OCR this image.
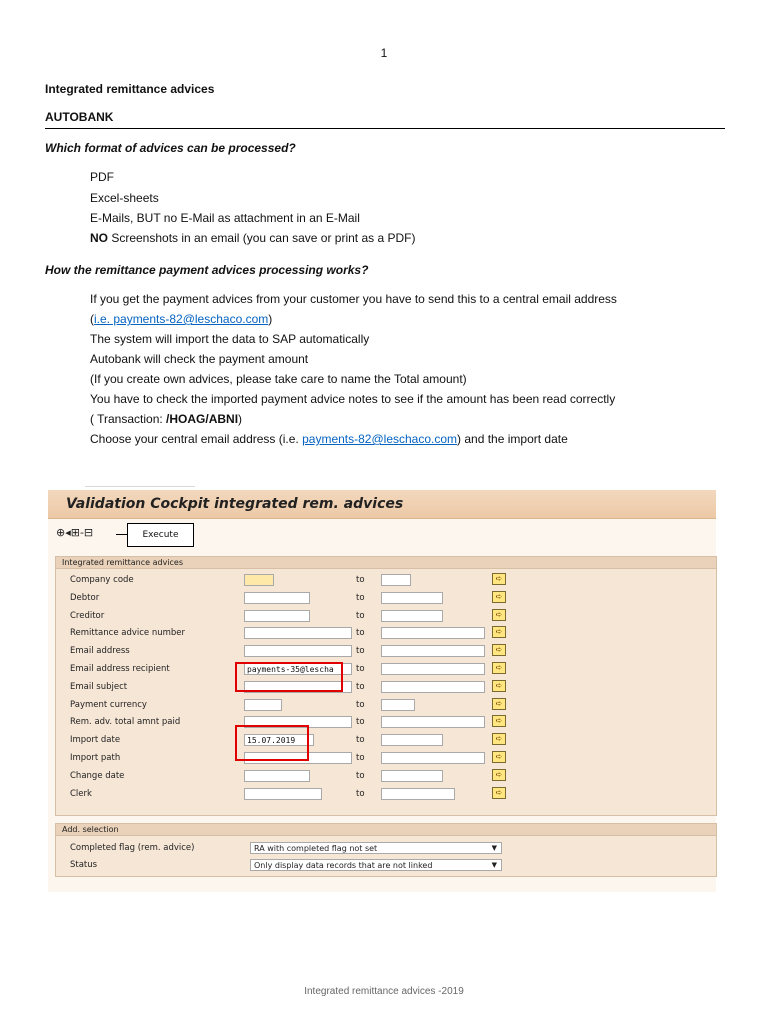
1
Integrated remittance advices
AUTOBANK
Which format of advices can be processed?
PDF
Excel-sheets
E-Mails, BUT no E-Mail as attachment in an E-Mail
NO Screenshots in an email (you can save or print as a PDF)
How the remittance payment advices processing works?
If you get the payment advices from your customer you have to send this to a central email address
(i.e. payments-82@leschaco.com)
The system will import the data to SAP automatically
Autobank will check the payment amount
(If you create own advices, please take care to name the Total amount)
You have to check the imported payment advice notes to see if the amount has been read correctly
( Transaction: /HOAG/ABNI)
Choose your central email address (i.e. payments-82@leschaco.com) and the import date
Validation Cockpit integrated rem. advices
⊕◂⊞-⊟	Execute
Integrated remittance advices
Company code	to	➪
Debtor	to	➪
Creditor	to	➪
Remittance advice number	to	➪
Email address	to	➪
Email address recipient	payments-35@lescha	to	➪
Email subject	to	➪
Payment currency	to	➪
Rem. adv. total amnt paid	to	➪
Import date	15.07.2019	to	➪
Import path	to	➪
Change date	to	➪
Clerk	to	➪
Add. selection
Completed flag (rem. advice)	RA with completed flag not set	▼
Status	Only display data records that are not linked	▼
Integrated remittance advices -2019
